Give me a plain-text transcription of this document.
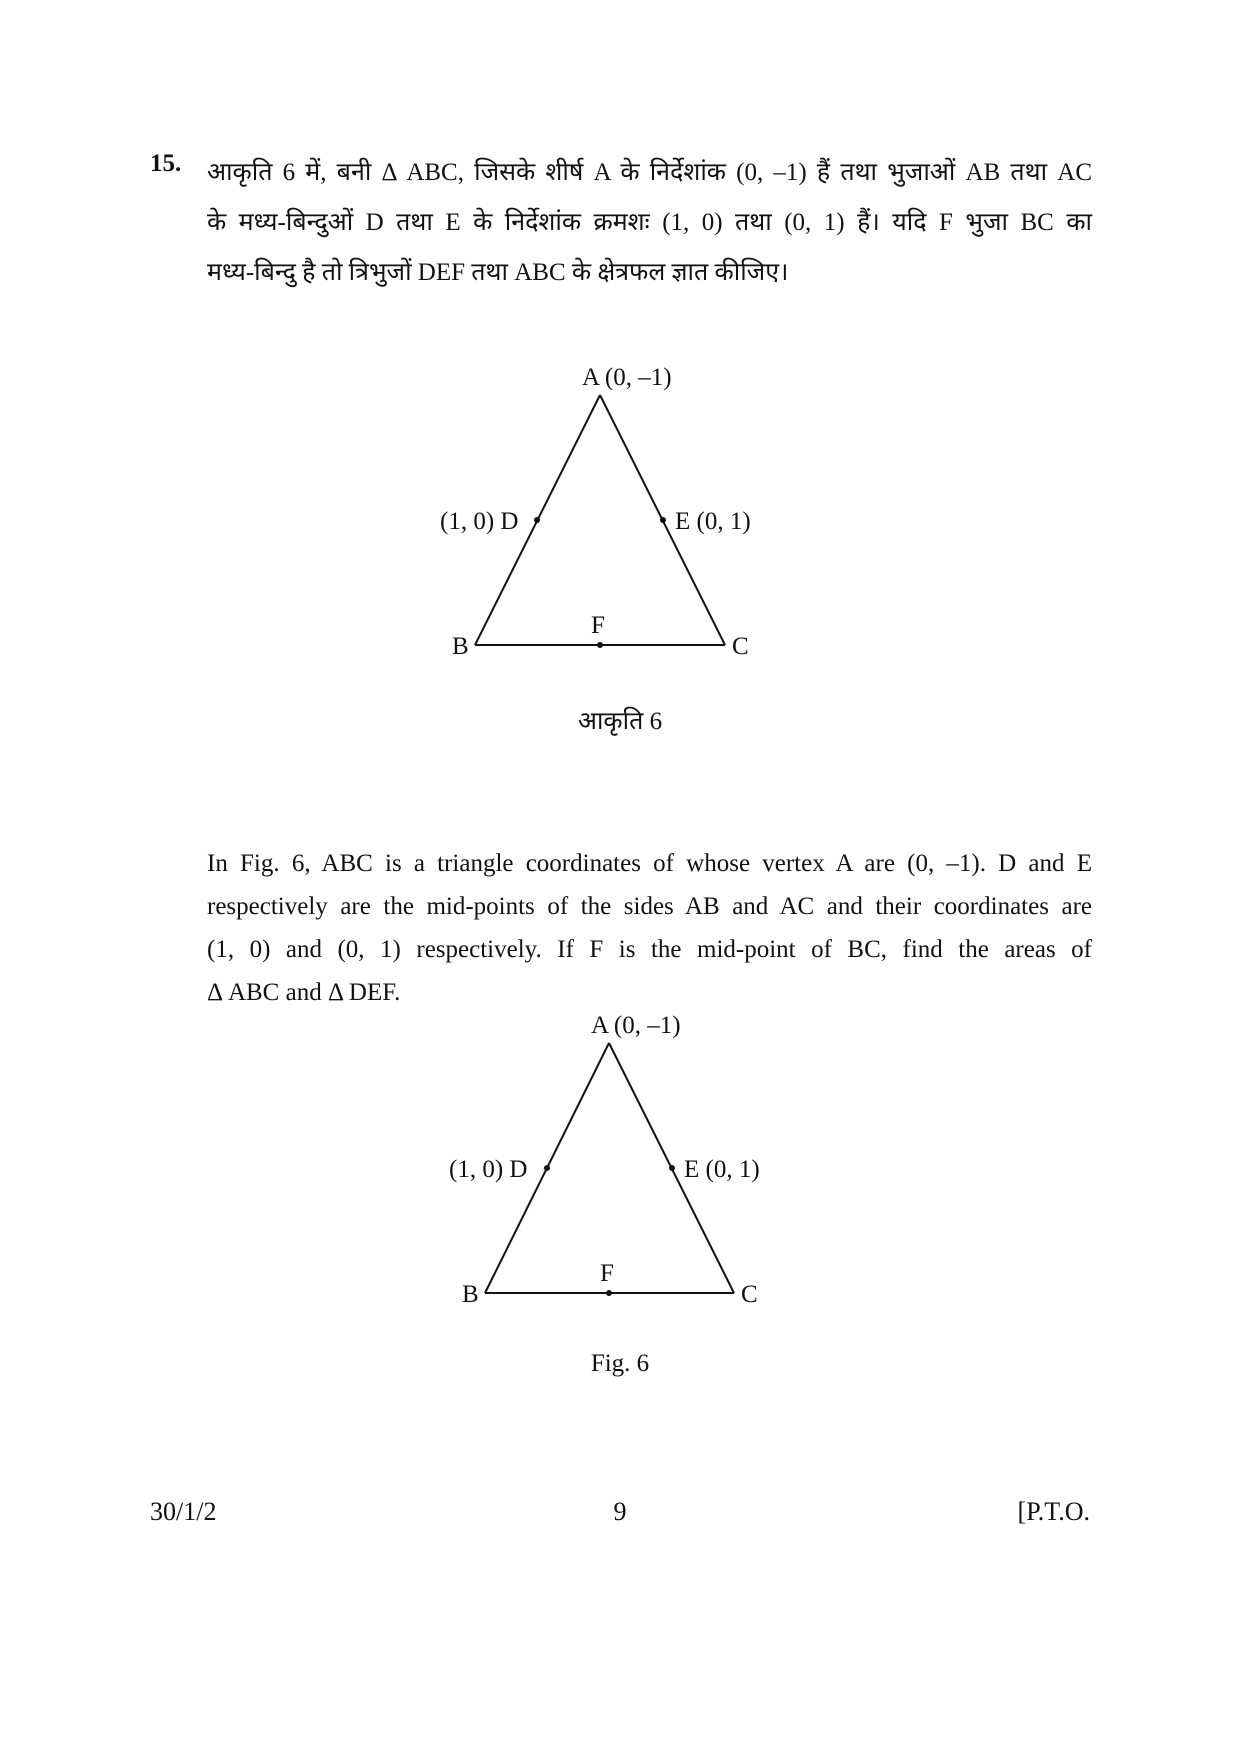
15. आकृति 6 में, बनी Δ ABC, जिसके शीर्ष A के निर्देशांक (0, –1) हैं तथा भुजाओं AB तथा AC
के मध्य-बिन्दुओं D तथा E के निर्देशांक क्रमशः (1, 0) तथा (0, 1) हैं। यदि F भुजा BC का
मध्य-बिन्दु है तो त्रिभुजों DEF तथा ABC के क्षेत्रफल ज्ञात कीजिए।

A (0, –1)
(1, 0) D	E (0, 1)
B	C
F
आकृति 6

In Fig. 6, ABC is a triangle coordinates of whose vertex A are (0, –1). D and E
respectively are the mid-points of the sides AB and AC and their coordinates are
(1, 0) and (0, 1) respectively. If F is the mid-point of BC, find the areas of
Δ ABC and Δ DEF.

A (0, –1)
(1, 0) D	E (0, 1)
B	C
F
Fig. 6
30/1/2	9	[P.T.O.
